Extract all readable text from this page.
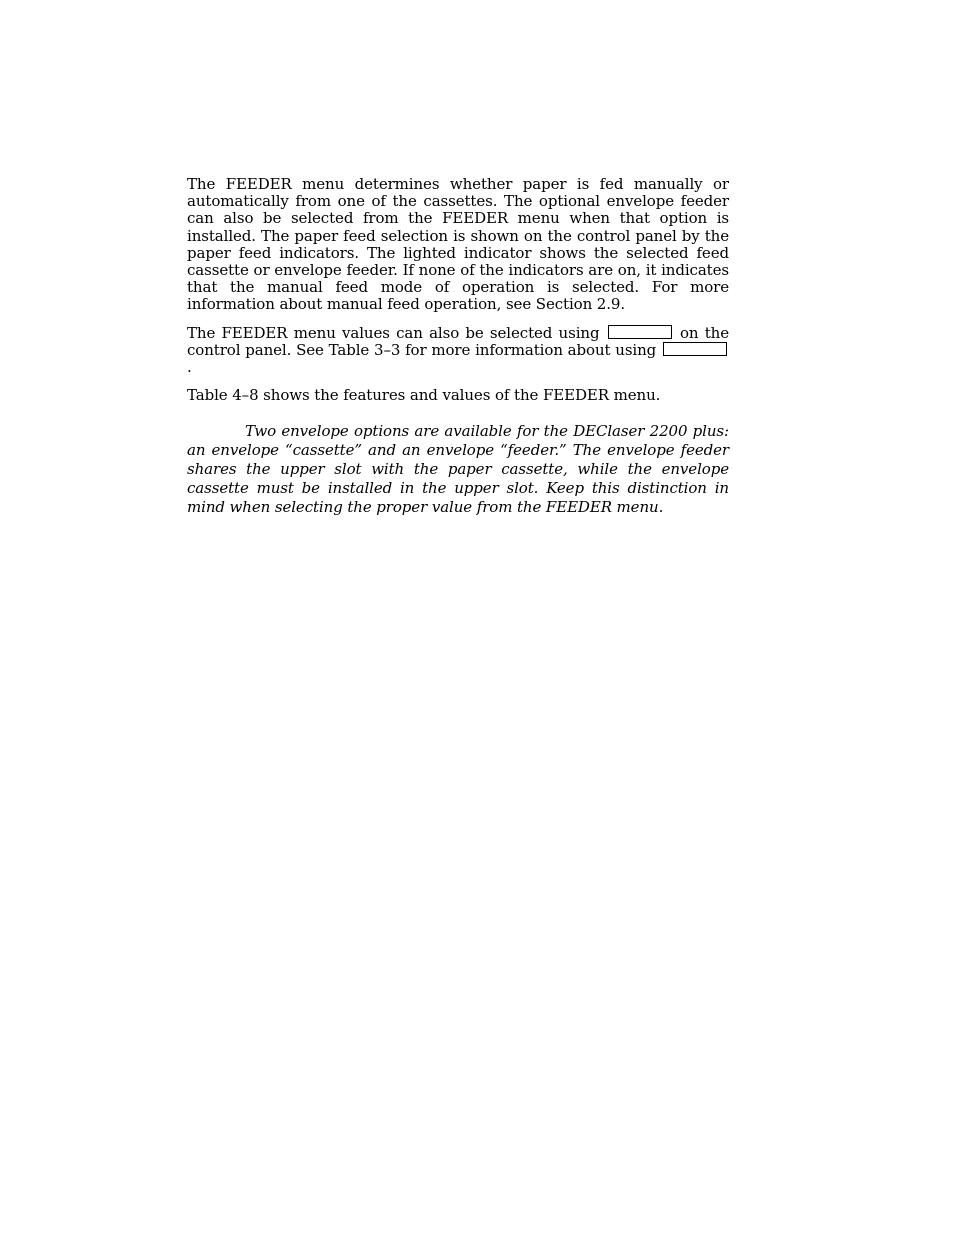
The FEEDER menu determines whether paper is fed manually or automatically from one of the cassettes. The optional envelope feeder can also be selected from the FEEDER menu when that option is installed. The paper feed selection is shown on the control panel by the paper feed indicators. The lighted indicator shows the selected feed cassette or envelope feeder. If none of the indicators are on, it indicates that the manual feed mode of operation is selected. For more information about manual feed operation, see Section 2.9.

The FEEDER menu values can also be selected using	on the control panel. See Table 3–3 for more information about using .

Table 4–8 shows the features and values of the FEEDER menu.

Two envelope options are available for the DEClaser 2200 plus: an envelope “cassette” and an envelope “feeder.” The envelope feeder shares the upper slot with the paper cassette, while the envelope cassette must be installed in the upper slot. Keep this distinction in mind when selecting the proper value from the FEEDER menu.
